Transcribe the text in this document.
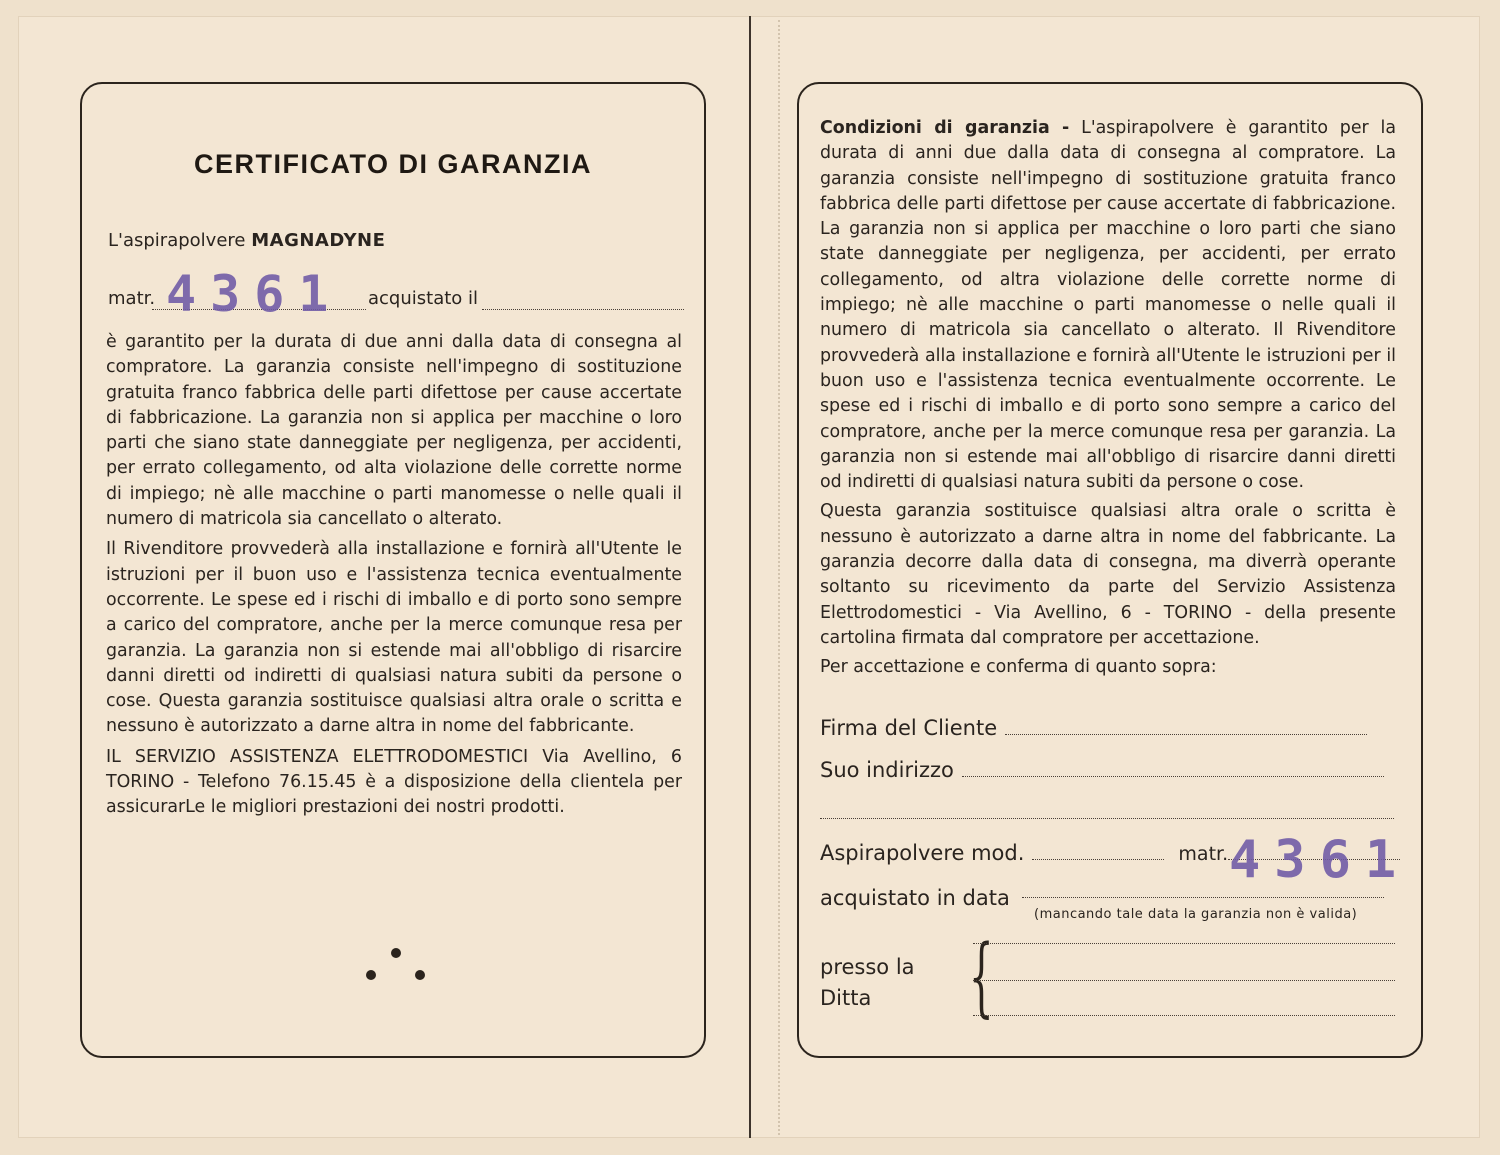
CERTIFICATO DI GARANZIA
L'aspirapolvere MAGNADYNE
matr. 4361 acquistato il

è garantito per la durata di due anni dalla data di consegna al compratore. La garanzia consiste nell'impegno di sostituzione gratuita franco fabbrica delle parti difettose per cause accertate di fabbricazione. La garanzia non si applica per macchine o loro parti che siano state danneggiate per negligenza, per accidenti, per errato collegamento, od alta violazione delle corrette norme di impiego; nè alle macchine o parti manomesse o nelle quali il numero di matricola sia cancellato o alterato.

Il Rivenditore provvederà alla installazione e fornirà all'Utente le istruzioni per il buon uso e l'assistenza tecnica eventualmente occorrente. Le spese ed i rischi di imballo e di porto sono sempre a carico del compratore, anche per la merce comunque resa per garanzia. La garanzia non si estende mai all'obbligo di risarcire danni diretti od indiretti di qualsiasi natura subiti da persone o cose. Questa garanzia sostituisce qualsiasi altra orale o scritta e nessuno è autorizzato a darne altra in nome del fabbricante.

IL SERVIZIO ASSISTENZA ELETTRODOMESTICI Via Avellino, 6 TORINO - Telefono 76.15.45 è a disposizione della clientela per assicurarLe le migliori prestazioni dei nostri prodotti.

Condizioni di garanzia - L'aspirapolvere è garantito per la durata di anni due dalla data di consegna al compratore. La garanzia consiste nell'impegno di sostituzione gratuita franco fabbrica delle parti difettose per cause accertate di fabbricazione. La garanzia non si applica per macchine o loro parti che siano state danneggiate per negligenza, per accidenti, per errato collegamento, od altra violazione delle corrette norme di impiego; nè alle macchine o parti manomesse o nelle quali il numero di matricola sia cancellato o alterato. Il Rivenditore provvederà alla installazione e fornirà all'Utente le istruzioni per il buon uso e l'assistenza tecnica eventualmente occorrente. Le spese ed i rischi di imballo e di porto sono sempre a carico del compratore, anche per la merce comunque resa per garanzia. La garanzia non si estende mai all'obbligo di risarcire danni diretti od indiretti di qualsiasi natura subiti da persone o cose.

Questa garanzia sostituisce qualsiasi altra orale o scritta è nessuno è autorizzato a darne altra in nome del fabbricante. La garanzia decorre dalla data di consegna, ma diverrà operante soltanto su ricevimento da parte del Servizio Assistenza Elettrodomestici - Via Avellino, 6 - TORINO - della presente cartolina firmata dal compratore per accettazione.

Per accettazione e conferma di quanto sopra:

Firma del Cliente
Suo indirizzo
Aspirapolvere mod.	matr. 4361
acquistato in data
(mancando tale data la garanzia non è valida)
presso la
Ditta	{
